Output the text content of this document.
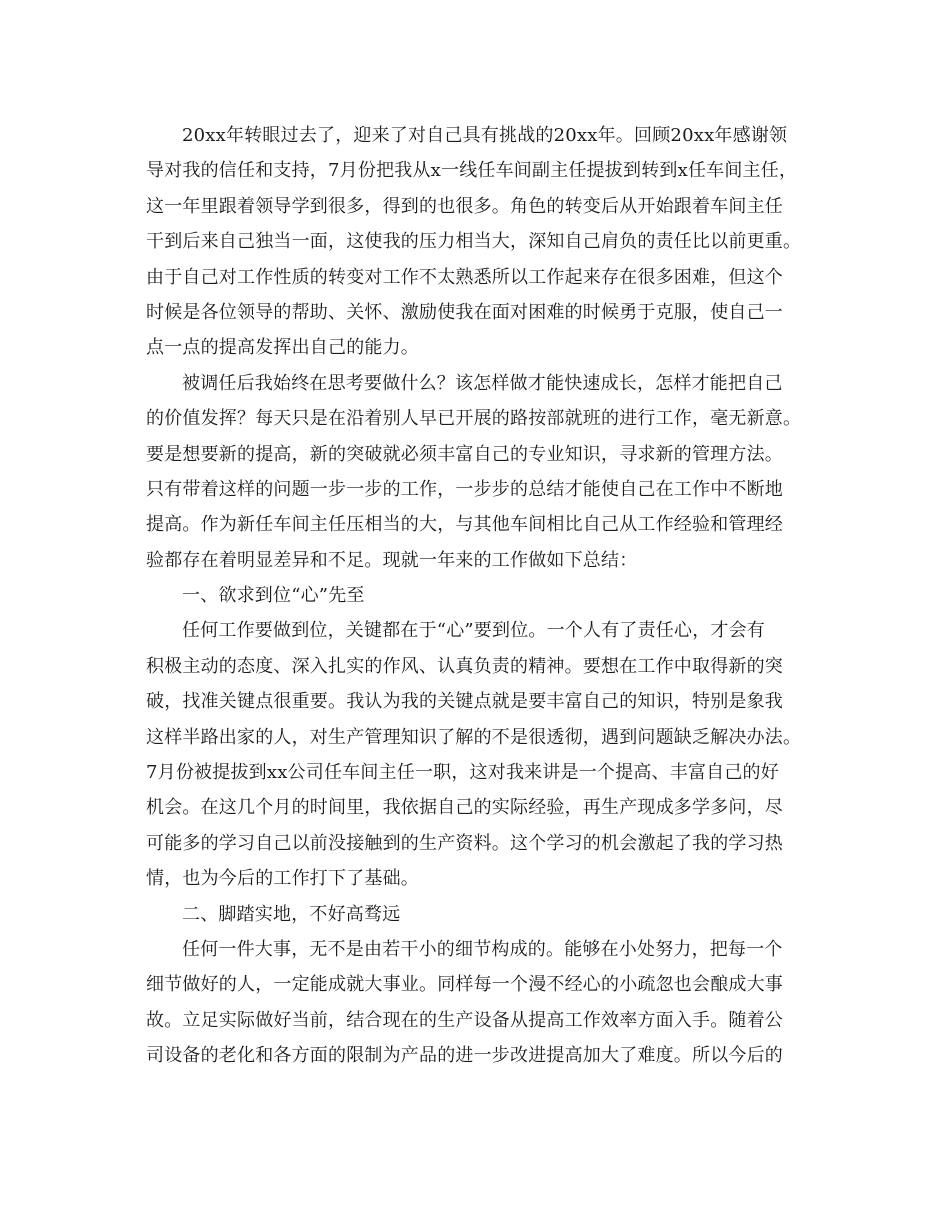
20xx年转眼过去了，迎来了对自己具有挑战的20xx年。回顾20xx年感谢领
导对我的信任和支持，7月份把我从x一线任车间副主任提拔到转到x任车间主任，
这一年里跟着领导学到很多，得到的也很多。角色的转变后从开始跟着车间主任
干到后来自己独当一面，这使我的压力相当大，深知自己肩负的责任比以前更重。
由于自己对工作性质的转变对工作不太熟悉所以工作起来存在很多困难，但这个
时候是各位领导的帮助、关怀、激励使我在面对困难的时候勇于克服，使自己一
点一点的提高发挥出自己的能力。
被调任后我始终在思考要做什么？该怎样做才能快速成长，怎样才能把自己
的价值发挥？每天只是在沿着别人早已开展的路按部就班的进行工作，毫无新意。
要是想要新的提高，新的突破就必须丰富自己的专业知识，寻求新的管理方法。
只有带着这样的问题一步一步的工作，一步步的总结才能使自己在工作中不断地
提高。作为新任车间主任压相当的大，与其他车间相比自己从工作经验和管理经
验都存在着明显差异和不足。现就一年来的工作做如下总结：
一、欲求到位“心”先至
任何工作要做到位，关键都在于“心”要到位。一个人有了责任心，才会有
积极主动的态度、深入扎实的作风、认真负责的精神。要想在工作中取得新的突
破，找准关键点很重要。我认为我的关键点就是要丰富自己的知识，特别是象我
这样半路出家的人，对生产管理知识了解的不是很透彻，遇到问题缺乏解决办法。
7月份被提拔到xx公司任车间主任一职，这对我来讲是一个提高、丰富自己的好
机会。在这几个月的时间里，我依据自己的实际经验，再生产现成多学多问，尽
可能多的学习自己以前没接触到的生产资料。这个学习的机会激起了我的学习热
情，也为今后的工作打下了基础。
二、脚踏实地，不好高骛远
任何一件大事，无不是由若干小的细节构成的。能够在小处努力，把每一个
细节做好的人，一定能成就大事业。同样每一个漫不经心的小疏忽也会酿成大事
故。立足实际做好当前，结合现在的生产设备从提高工作效率方面入手。随着公
司设备的老化和各方面的限制为产品的进一步改进提高加大了难度。所以今后的
